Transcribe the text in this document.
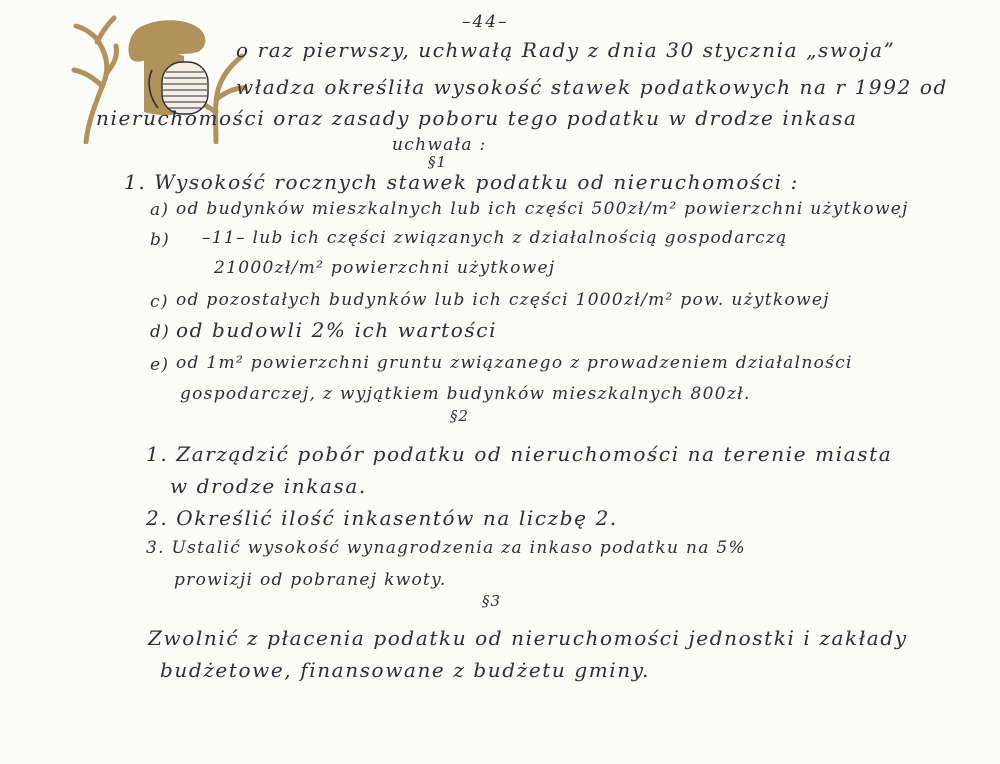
–44–
o raz pierwszy, uchwałą Rady z dnia 30 stycznia „swoja”
władza określiła wysokość stawek podatkowych na r 1992 od
nieruchomości oraz zasady poboru tego podatku w drodze inkasa
uchwała :
§1
1. Wysokość rocznych stawek podatku od nieruchomości :
a) od budynków mieszkalnych lub ich części 500zł/m² powierzchni użytkowej
b) –11– lub ich części związanych z działalnością gospodarczą
21000zł/m² powierzchni użytkowej
c) od pozostałych budynków lub ich części 1000zł/m² pow. użytkowej
d) od budowli 2% ich wartości
e) od 1m² powierzchni gruntu związanego z prowadzeniem działalności
gospodarczej, z wyjątkiem budynków mieszkalnych 800zł.
§2
1. Zarządzić pobór podatku od nieruchomości na terenie miasta
w drodze inkasa.
2. Określić ilość inkasentów na liczbę 2.
3. Ustalić wysokość wynagrodzenia za inkaso podatku na 5%
prowizji od pobranej kwoty.
§3
Zwolnić z płacenia podatku od nieruchomości jednostki i zakłady
budżetowe, finansowane z budżetu gminy.
